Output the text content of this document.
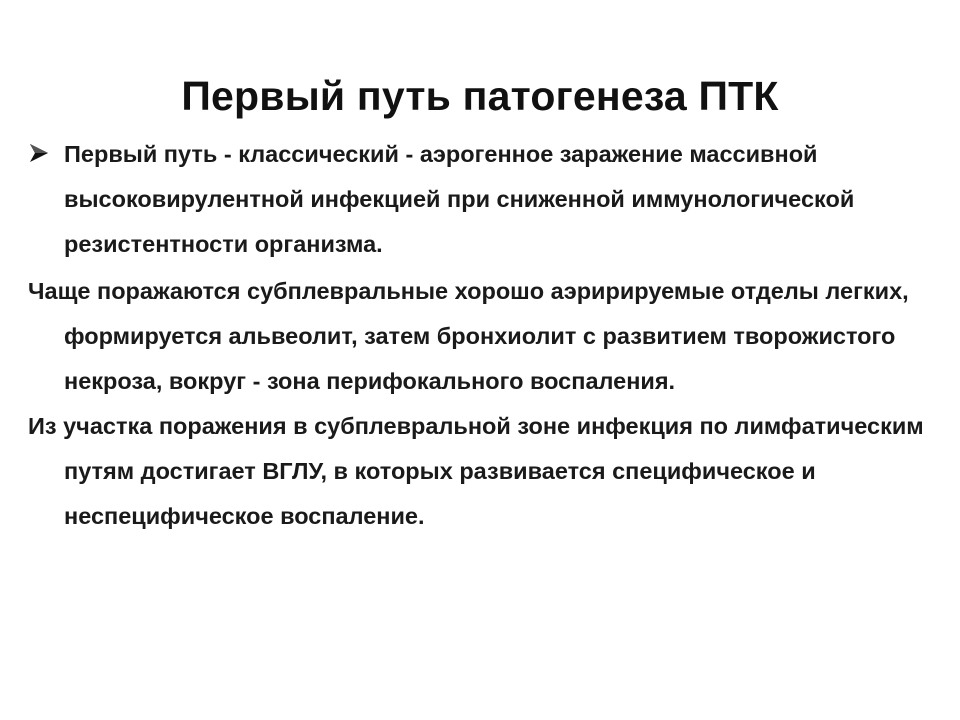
Первый путь патогенеза ПТК

Первый путь - классический - аэрогенное заражение массивной высоковирулентной инфекцией при сниженной иммунологической резистентности организма.

Чаще поражаются субплевральные хорошо аэририруемые отделы легких, формируется альвеолит, затем бронхиолит с развитием творожистого некроза, вокруг - зона перифокального воспаления.

Из участка поражения в субплевральной зоне инфекция по лимфатическим путям достигает ВГЛУ, в которых развивается специфическое и неспецифическое воспаление.
